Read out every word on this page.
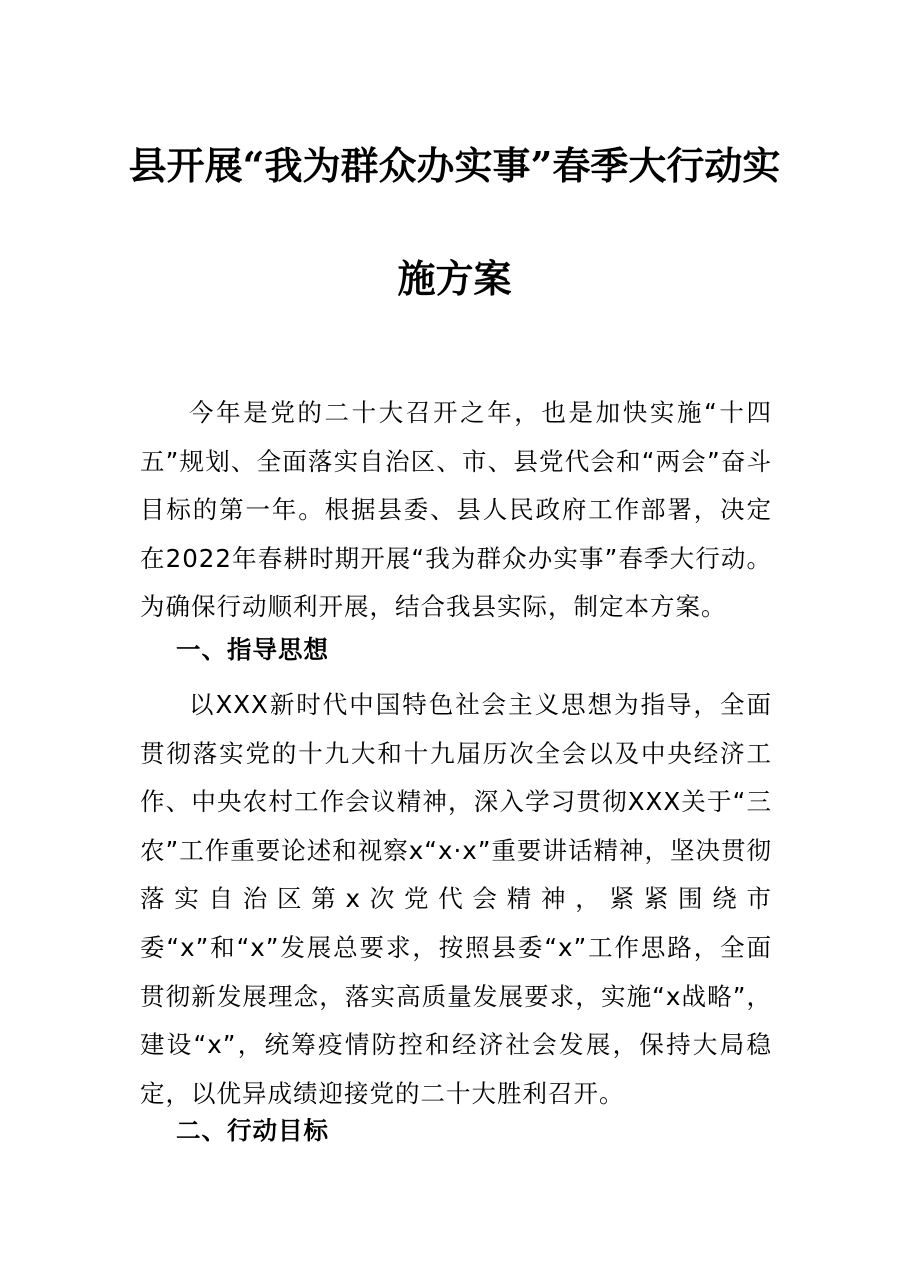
县开展“我为群众办实事”春季大行动实
施方案

今年是党的二十大召开之年，也是加快实施“十四五”规划、全面落实自治区、市、县党代会和“两会”奋斗目标的第一年。根据县委、县人民政府工作部署，决定在2022年春耕时期开展“我为群众办实事”春季大行动。为确保行动顺利开展，结合我县实际，制定本方案。

一、指导思想

以XXX新时代中国特色社会主义思想为指导，全面贯彻落实党的十九大和十九届历次全会以及中央经济工作、中央农村工作会议精神，深入学习贯彻XXX关于“三农”工作重要论述和视察x“x·x”重要讲话精神，坚决贯彻落实自治区第x次党代会精神，紧紧围绕市委“x”和“x”发展总要求，按照县委“x”工作思路，全面贯彻新发展理念，落实高质量发展要求，实施“x战略”，建设“x”，统筹疫情防控和经济社会发展，保持大局稳定，以优异成绩迎接党的二十大胜利召开。

二、行动目标
